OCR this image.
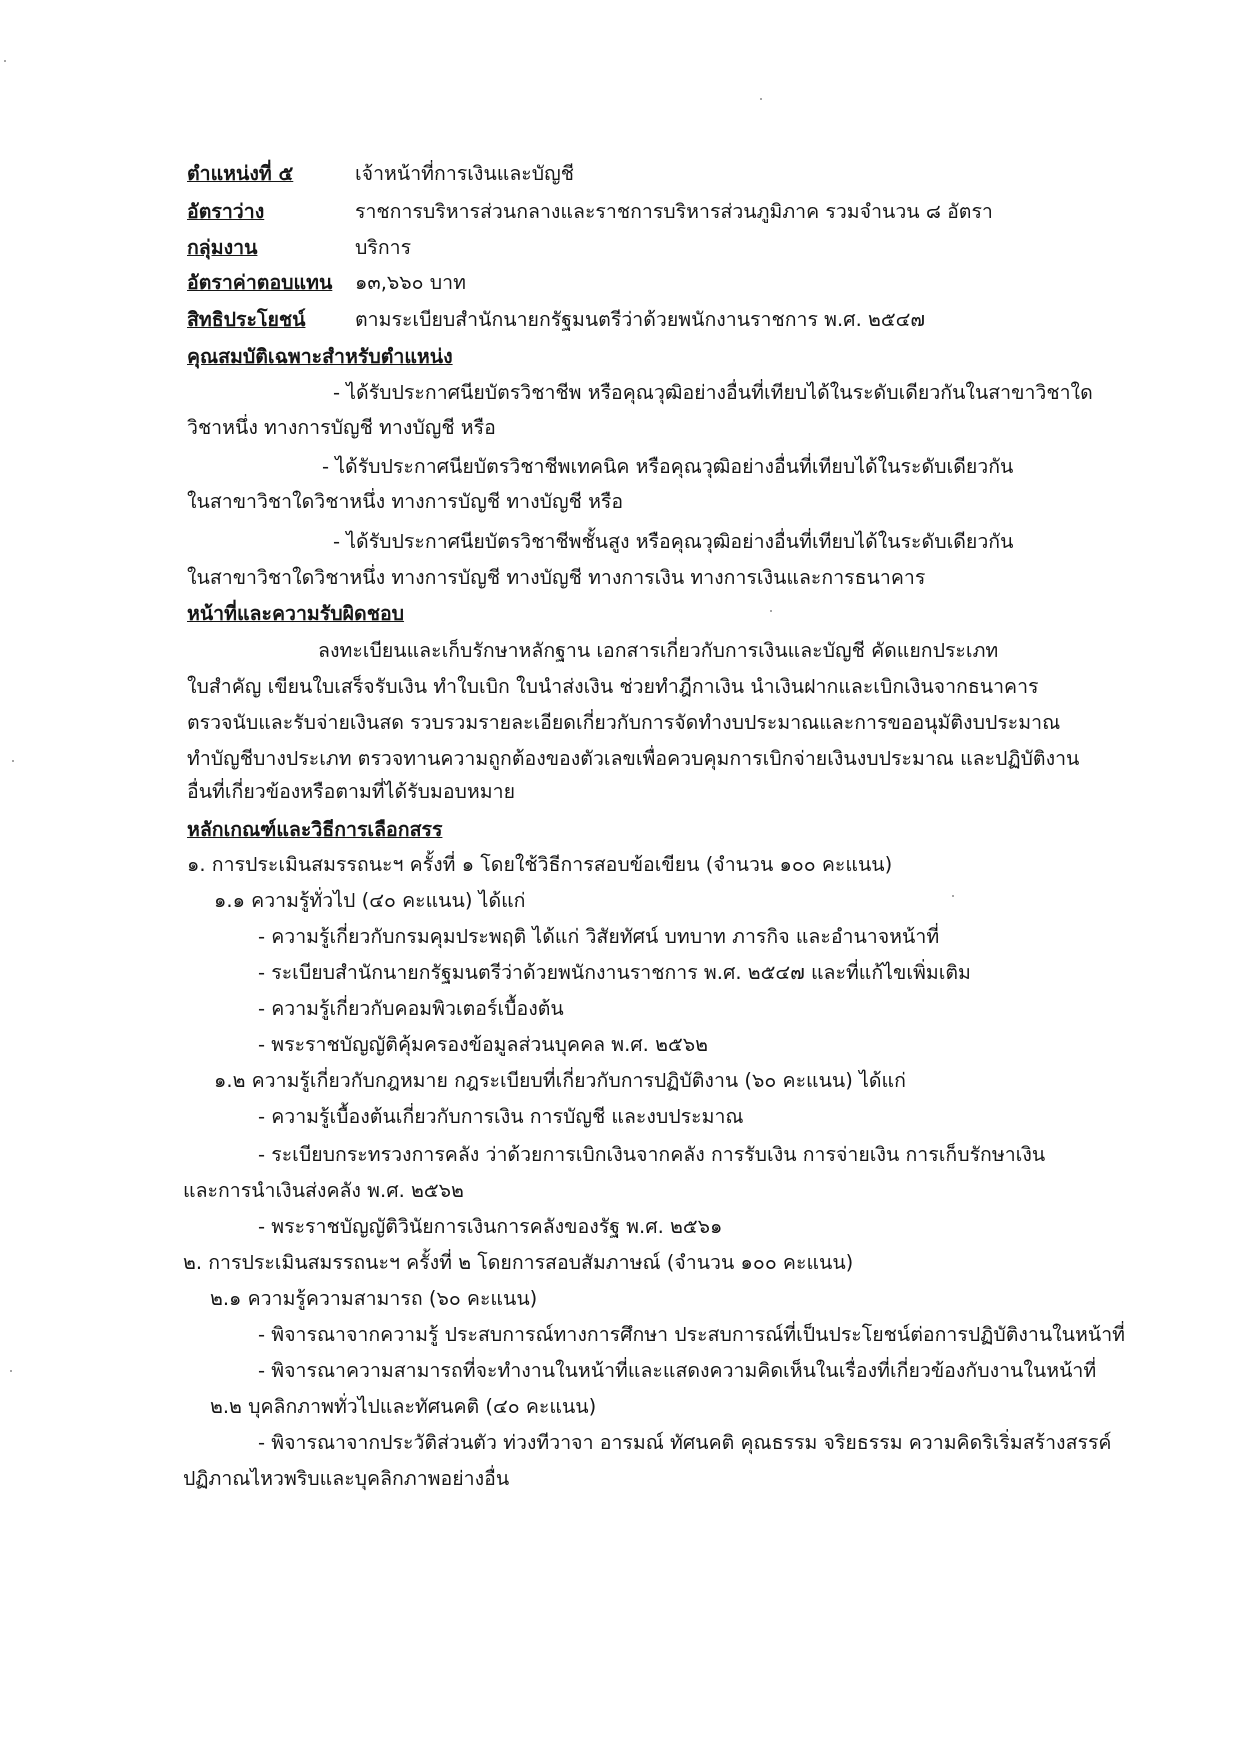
ตำแหน่งที่ ๕	เจ้าหน้าที่การเงินและบัญชี
อัตราว่าง	ราชการบริหารส่วนกลางและราชการบริหารส่วนภูมิภาค รวมจำนวน ๘ อัตรา
กลุ่มงาน	บริการ
อัตราค่าตอบแทน ๑๓,๖๖๐ บาท
สิทธิประโยชน์	ตามระเบียบสำนักนายกรัฐมนตรีว่าด้วยพนักงานราชการ พ.ศ. ๒๕๔๗
คุณสมบัติเฉพาะสำหรับตำแหน่ง
- ได้รับประกาศนียบัตรวิชาชีพ หรือคุณวุฒิอย่างอื่นที่เทียบได้ในระดับเดียวกันในสาขาวิชาใด
วิชาหนึ่ง ทางการบัญชี ทางบัญชี หรือ
- ได้รับประกาศนียบัตรวิชาชีพเทคนิค หรือคุณวุฒิอย่างอื่นที่เทียบได้ในระดับเดียวกัน
ในสาขาวิชาใดวิชาหนึ่ง ทางการบัญชี ทางบัญชี หรือ
- ได้รับประกาศนียบัตรวิชาชีพชั้นสูง หรือคุณวุฒิอย่างอื่นที่เทียบได้ในระดับเดียวกัน
ในสาขาวิชาใดวิชาหนึ่ง ทางการบัญชี ทางบัญชี ทางการเงิน ทางการเงินและการธนาคาร
หน้าที่และความรับผิดชอบ
ลงทะเบียนและเก็บรักษาหลักฐาน เอกสารเกี่ยวกับการเงินและบัญชี คัดแยกประเภท
ใบสำคัญ เขียนใบเสร็จรับเงิน ทำใบเบิก ใบนำส่งเงิน ช่วยทำฎีกาเงิน นำเงินฝากและเบิกเงินจากธนาคาร
ตรวจนับและรับจ่ายเงินสด รวบรวมรายละเอียดเกี่ยวกับการจัดทำงบประมาณและการขออนุมัติงบประมาณ
ทำบัญชีบางประเภท ตรวจทานความถูกต้องของตัวเลขเพื่อควบคุมการเบิกจ่ายเงินงบประมาณ และปฏิบัติงาน
อื่นที่เกี่ยวข้องหรือตามที่ได้รับมอบหมาย
หลักเกณฑ์และวิธีการเลือกสรร
๑. การประเมินสมรรถนะฯ ครั้งที่ ๑ โดยใช้วิธีการสอบข้อเขียน (จำนวน ๑๐๐ คะแนน)
๑.๑ ความรู้ทั่วไป (๔๐ คะแนน) ได้แก่
- ความรู้เกี่ยวกับกรมคุมประพฤติ ได้แก่ วิสัยทัศน์ บทบาท ภารกิจ และอำนาจหน้าที่
- ระเบียบสำนักนายกรัฐมนตรีว่าด้วยพนักงานราชการ พ.ศ. ๒๕๔๗ และที่แก้ไขเพิ่มเติม
- ความรู้เกี่ยวกับคอมพิวเตอร์เบื้องต้น
- พระราชบัญญัติคุ้มครองข้อมูลส่วนบุคคล พ.ศ. ๒๕๖๒
๑.๒ ความรู้เกี่ยวกับกฎหมาย กฎระเบียบที่เกี่ยวกับการปฏิบัติงาน (๖๐ คะแนน) ได้แก่
- ความรู้เบื้องต้นเกี่ยวกับการเงิน การบัญชี และงบประมาณ
- ระเบียบกระทรวงการคลัง ว่าด้วยการเบิกเงินจากคลัง การรับเงิน การจ่ายเงิน การเก็บรักษาเงิน
และการนำเงินส่งคลัง พ.ศ. ๒๕๖๒
- พระราชบัญญัติวินัยการเงินการคลังของรัฐ พ.ศ. ๒๕๖๑
๒. การประเมินสมรรถนะฯ ครั้งที่ ๒ โดยการสอบสัมภาษณ์ (จำนวน ๑๐๐ คะแนน)
๒.๑ ความรู้ความสามารถ (๖๐ คะแนน)
- พิจารณาจากความรู้ ประสบการณ์ทางการศึกษา ประสบการณ์ที่เป็นประโยชน์ต่อการปฏิบัติงานในหน้าที่
- พิจารณาความสามารถที่จะทำงานในหน้าที่และแสดงความคิดเห็นในเรื่องที่เกี่ยวข้องกับงานในหน้าที่
๒.๒ บุคลิกภาพทั่วไปและทัศนคติ (๔๐ คะแนน)
- พิจารณาจากประวัติส่วนตัว ท่วงทีวาจา อารมณ์ ทัศนคติ คุณธรรม จริยธรรม ความคิดริเริ่มสร้างสรรค์
ปฏิภาณไหวพริบและบุคลิกภาพอย่างอื่น
